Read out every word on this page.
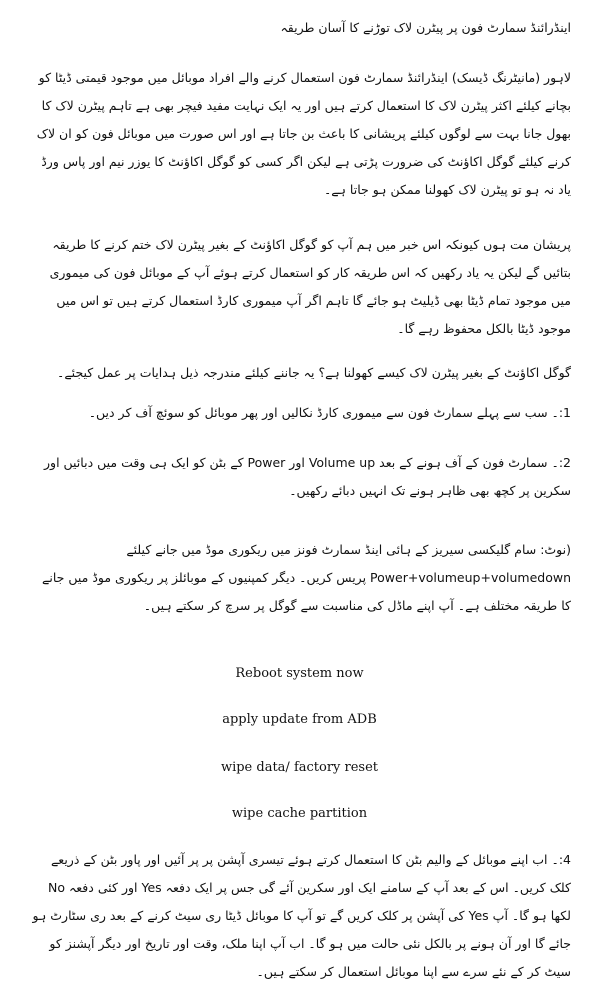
اینڈرائنڈ سمارٹ فون پر پیٹرن لاک توڑنے کا آسان طریقہ

لاہور (مانیٹرنگ ڈیسک) اینڈرائنڈ سمارٹ فون استعمال کرنے والے افراد موبائل میں موجود قیمتی ڈیٹا کو بچانے کیلئے اکثر پیٹرن لاک کا استعمال کرتے ہیں اور یہ ایک نہایت مفید فیچر بھی ہے تاہم پیٹرن لاک کا بھول جانا بہت سے لوگوں کیلئے پریشانی کا باعث بن جاتا ہے اور اس صورت میں موبائل فون کو ان لاک کرنے کیلئے گوگل اکاؤنٹ کی ضرورت پڑتی ہے لیکن اگر کسی کو گوگل اکاؤنٹ کا یوزر نیم اور پاس ورڈ یاد نہ ہو تو پیٹرن لاک کھولنا ممکن ہو جاتا ہے۔

پریشان مت ہوں کیونکہ اس خبر میں ہم آپ کو گوگل اکاؤنٹ کے بغیر پیٹرن لاک ختم کرنے کا طریقہ بتائیں گے لیکن یہ یاد رکھیں کہ اس طریقہ کار کو استعمال کرتے ہوئے آپ کے موبائل فون کی میموری میں موجود تمام ڈیٹا بھی ڈیلیٹ ہو جائے گا تاہم اگر آپ میموری کارڈ استعمال کرتے ہیں تو اس میں موجود ڈیٹا بالکل محفوظ رہے گا۔

گوگل اکاؤنٹ کے بغیر پیٹرن لاک کیسے کھولنا ہے؟ یہ جاننے کیلئے مندرجہ ذیل ہدایات پر عمل کیجئے۔

1:۔ سب سے پہلے سمارٹ فون سے میموری کارڈ نکالیں اور پھر موبائل کو سوئچ آف کر دیں۔

2:۔ سمارٹ فون کے آف ہونے کے بعد Volume up اور Power کے بٹن کو ایک ہی وقت میں دبائیں اور سکرین پر کچھ بھی ظاہر ہونے تک انہیں دبائے رکھیں۔

(نوٹ: سام گلیکسی سیریز کے ہائی اینڈ سمارٹ فونز میں ریکوری موڈ میں جانے کیلئے Power+volumeup+volumedown پریس کریں۔ دیگر کمپنیوں کے موبائلز پر ریکوری موڈ میں جانے کا طریقہ مختلف ہے۔ آپ اپنے ماڈل کی مناسبت سے گوگل پر سرچ کر سکتے ہیں۔

Reboot system now

apply update from ADB

wipe data/ factory reset

wipe cache partition

4:۔ اب اپنے موبائل کے والیم بٹن کا استعمال کرتے ہوئے تیسری آپشن پر پر آئیں اور پاور بٹن کے ذریعے کلک کریں۔ اس کے بعد آپ کے سامنے ایک اور سکرین آئے گی جس پر ایک دفعہ Yes اور کئی دفعہ No لکھا ہو گا۔ آپ Yes کی آپشن پر کلک کریں گے تو آپ کا موبائل ڈیٹا ری سیٹ کرنے کے بعد ری سٹارٹ ہو جائے گا اور آن ہونے پر بالکل نئی حالت میں ہو گا۔ اب آپ اپنا ملک، وقت اور تاریخ اور دیگر آپشنز کو سیٹ کر کے نئے سرے سے اپنا موبائل استعمال کر سکتے ہیں۔
